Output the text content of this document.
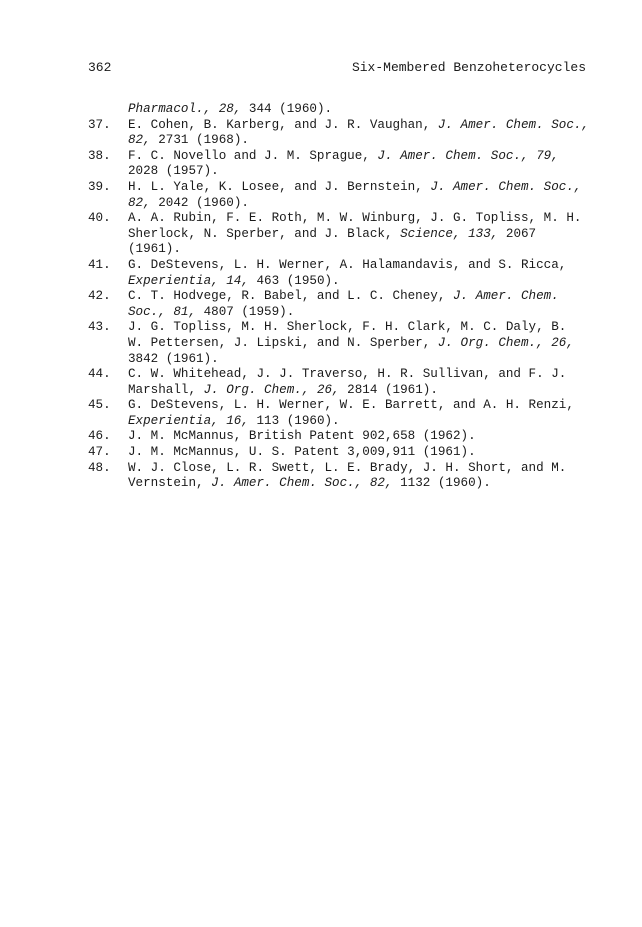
362	Six-Membered Benzoheterocycles
Pharmacol., 28, 344 (1960).
37.	E. Cohen, B. Karberg, and J. R. Vaughan, J. Amer. Chem. Soc.,
82, 2731 (1968).
38.	F. C. Novello and J. M. Sprague, J. Amer. Chem. Soc., 79,
2028 (1957).
39.	H. L. Yale, K. Losee, and J. Bernstein, J. Amer. Chem. Soc.,
82, 2042 (1960).
40.	A. A. Rubin, F. E. Roth, M. W. Winburg, J. G. Topliss, M. H.
Sherlock, N. Sperber, and J. Black, Science, 133, 2067
(1961).
41.	G. DeStevens, L. H. Werner, A. Halamandavis, and S. Ricca,
Experientia, 14, 463 (1950).
42.	C. T. Hodvege, R. Babel, and L. C. Cheney, J. Amer. Chem.
Soc., 81, 4807 (1959).
43.	J. G. Topliss, M. H. Sherlock, F. H. Clark, M. C. Daly, B.
W. Pettersen, J. Lipski, and N. Sperber, J. Org. Chem., 26,
3842 (1961).
44.	C. W. Whitehead, J. J. Traverso, H. R. Sullivan, and F. J.
Marshall, J. Org. Chem., 26, 2814 (1961).
45.	G. DeStevens, L. H. Werner, W. E. Barrett, and A. H. Renzi,
Experientia, 16, 113 (1960).
46.	J. M. McMannus, British Patent 902,658 (1962).
47.	J. M. McMannus, U. S. Patent 3,009,911 (1961).
48.	W. J. Close, L. R. Swett, L. E. Brady, J. H. Short, and M.
Vernstein, J. Amer. Chem. Soc., 82, 1132 (1960).
